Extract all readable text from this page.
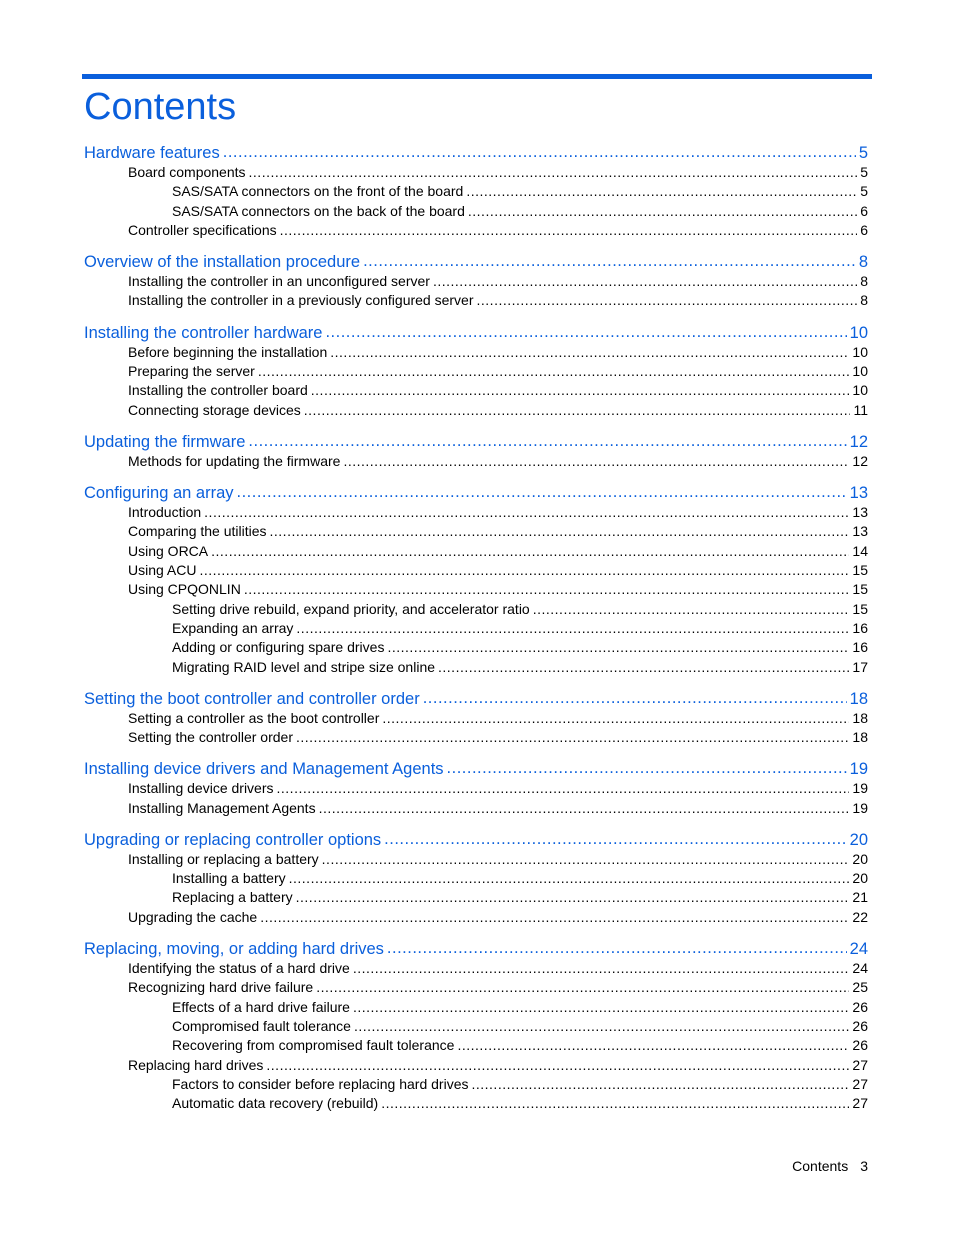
Contents
Hardware features .....	5
Board components .....	5
SAS/SATA connectors on the front of the board .....	5
SAS/SATA connectors on the back of the board .....	6
Controller specifications .....	6
Overview of the installation procedure .....	8
Installing the controller in an unconfigured server .....	8
Installing the controller in a previously configured server .....	8
Installing the controller hardware .....	10
Before beginning the installation .....	10
Preparing the server .....	10
Installing the controller board .....	10
Connecting storage devices .....	11
Updating the firmware .....	12
Methods for updating the firmware .....	12
Configuring an array .....	13
Introduction .....	13
Comparing the utilities .....	13
Using ORCA .....	14
Using ACU .....	15
Using CPQONLIN .....	15
Setting drive rebuild, expand priority, and accelerator ratio .....	15
Expanding an array .....	16
Adding or configuring spare drives .....	16
Migrating RAID level and stripe size online .....	17
Setting the boot controller and controller order .....	18
Setting a controller as the boot controller .....	18
Setting the controller order .....	18
Installing device drivers and Management Agents .....	19
Installing device drivers .....	19
Installing Management Agents .....	19
Upgrading or replacing controller options .....	20
Installing or replacing a battery .....	20
Installing a battery .....	20
Replacing a battery .....	21
Upgrading the cache .....	22
Replacing, moving, or adding hard drives .....	24
Identifying the status of a hard drive .....	24
Recognizing hard drive failure .....	25
Effects of a hard drive failure .....	26
Compromised fault tolerance .....	26
Recovering from compromised fault tolerance .....	26
Replacing hard drives .....	27
Factors to consider before replacing hard drives .....	27
Automatic data recovery (rebuild) .....	27
Contents 3
